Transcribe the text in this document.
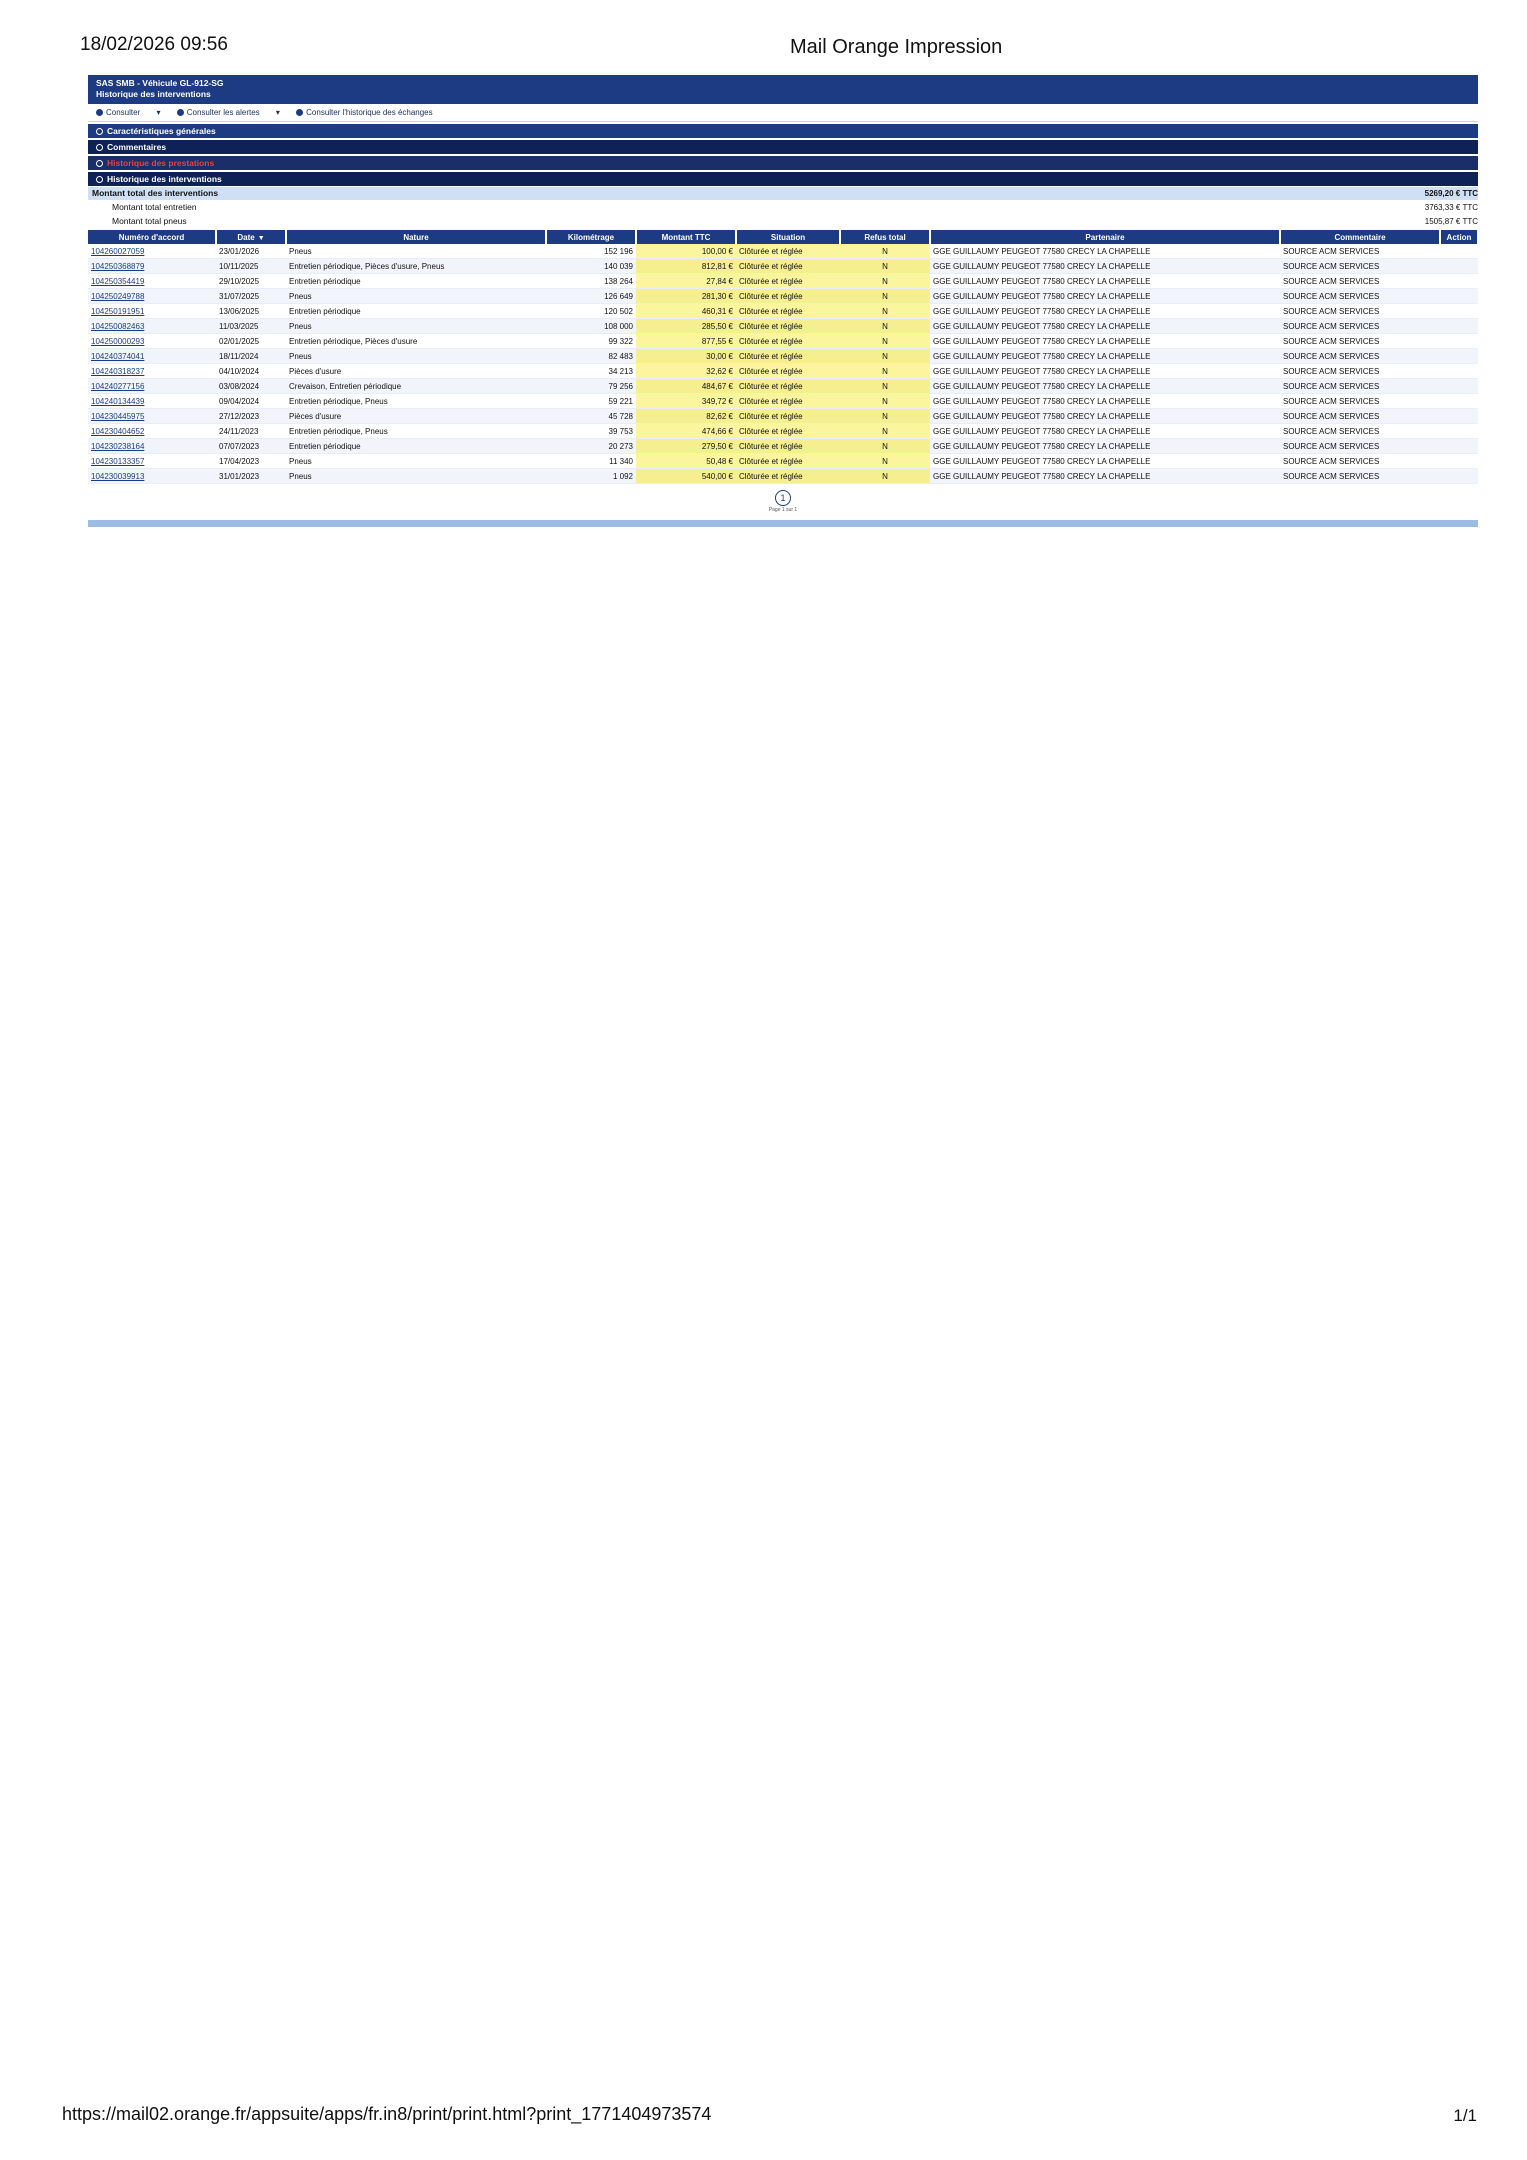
18/02/2026 09:56	Mail Orange Impression
SAS SMB - Véhicule GL-912-SG
Historique des interventions
Consulter ▾	Consulter les alertes ▾	Consulter l'historique des échanges
Caractéristiques générales
Commentaires
Historique des prestations
Historique des interventions
Montant total des interventions	5269,20 € TTC
Montant total entretien	3763,33 € TTC
Montant total pneus	1505,87 € TTC
Numéro d'accord	Date ▼	Nature	Kilométrage	Montant TTC	Situation	Refus total	Partenaire	Commentaire	Action
104260027059	23/01/2026	Pneus	152 196	100,00 €	Clôturée et réglée	N	GGE GUILLAUMY PEUGEOT 77580 CRECY LA CHAPELLE	SOURCE ACM SERVICES	
104250368879	10/11/2025	Entretien périodique, Pièces d'usure, Pneus	140 039	812,81 €	Clôturée et réglée	N	GGE GUILLAUMY PEUGEOT 77580 CRECY LA CHAPELLE	SOURCE ACM SERVICES	
104250354419	29/10/2025	Entretien périodique	138 264	27,84 €	Clôturée et réglée	N	GGE GUILLAUMY PEUGEOT 77580 CRECY LA CHAPELLE	SOURCE ACM SERVICES	
104250249788	31/07/2025	Pneus	126 649	281,30 €	Clôturée et réglée	N	GGE GUILLAUMY PEUGEOT 77580 CRECY LA CHAPELLE	SOURCE ACM SERVICES	
104250191951	13/06/2025	Entretien périodique	120 502	460,31 €	Clôturée et réglée	N	GGE GUILLAUMY PEUGEOT 77580 CRECY LA CHAPELLE	SOURCE ACM SERVICES	
104250082463	11/03/2025	Pneus	108 000	285,50 €	Clôturée et réglée	N	GGE GUILLAUMY PEUGEOT 77580 CRECY LA CHAPELLE	SOURCE ACM SERVICES	
104250000293	02/01/2025	Entretien périodique, Pièces d'usure	99 322	877,55 €	Clôturée et réglée	N	GGE GUILLAUMY PEUGEOT 77580 CRECY LA CHAPELLE	SOURCE ACM SERVICES	
104240374041	18/11/2024	Pneus	82 483	30,00 €	Clôturée et réglée	N	GGE GUILLAUMY PEUGEOT 77580 CRECY LA CHAPELLE	SOURCE ACM SERVICES	
104240318237	04/10/2024	Pièces d'usure	34 213	32,62 €	Clôturée et réglée	N	GGE GUILLAUMY PEUGEOT 77580 CRECY LA CHAPELLE	SOURCE ACM SERVICES	
104240277156	03/08/2024	Crevaison, Entretien périodique	79 256	484,67 €	Clôturée et réglée	N	GGE GUILLAUMY PEUGEOT 77580 CRECY LA CHAPELLE	SOURCE ACM SERVICES	
104240134439	09/04/2024	Entretien périodique, Pneus	59 221	349,72 €	Clôturée et réglée	N	GGE GUILLAUMY PEUGEOT 77580 CRECY LA CHAPELLE	SOURCE ACM SERVICES	
104230445975	27/12/2023	Pièces d'usure	45 728	82,62 €	Clôturée et réglée	N	GGE GUILLAUMY PEUGEOT 77580 CRECY LA CHAPELLE	SOURCE ACM SERVICES	
104230404652	24/11/2023	Entretien périodique, Pneus	39 753	474,66 €	Clôturée et réglée	N	GGE GUILLAUMY PEUGEOT 77580 CRECY LA CHAPELLE	SOURCE ACM SERVICES	
104230238164	07/07/2023	Entretien périodique	20 273	279,50 €	Clôturée et réglée	N	GGE GUILLAUMY PEUGEOT 77580 CRECY LA CHAPELLE	SOURCE ACM SERVICES	
104230133357	17/04/2023	Pneus	11 340	50,48 €	Clôturée et réglée	N	GGE GUILLAUMY PEUGEOT 77580 CRECY LA CHAPELLE	SOURCE ACM SERVICES	
104230039913	31/01/2023	Pneus	1 092	540,00 €	Clôturée et réglée	N	GGE GUILLAUMY PEUGEOT 77580 CRECY LA CHAPELLE	SOURCE ACM SERVICES	
1
Page 1 sur 1
https://mail02.orange.fr/appsuite/apps/fr.in8/print/print.html?print_1771404973574	1/1
